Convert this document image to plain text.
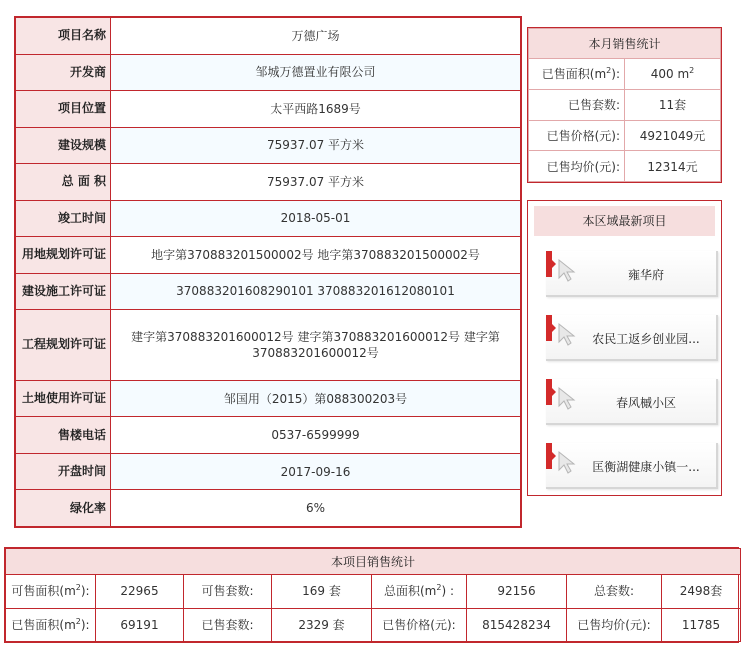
项目名称	万德广场
开发商	邹城万德置业有限公司
项目位置	太平西路1689号
建设规模	75937.07 平方米
总 面 积	75937.07 平方米
竣工时间	2018-05-01
用地规划许可证	地字第370883201500002号 地字第370883201500002号
建设施工许可证	370883201608290101 370883201612080101
工程规划许可证	建字第370883201600012号 建字第370883201600012号 建字第370883201600012号
土地使用许可证	邹国用（2015）第088300203号
售楼电话	0537-6599999
开盘时间	2017-09-16
绿化率	6%
本月销售统计	
已售面积$(m^2)$:	400 $m^2$
已售套数:	11套
已售价格(元):	4921049元
已售均价(元):	12314元
本区域最新项目
雍华府
农民工返乡创业园...
春风槭小区
匡衡湖健康小镇一...
本项目销售统计							
可售面积$(m^2)$:	22965	可售套数:	169 套	总面积$(m^2)$ :	92156	总套数:	2498套
已售面积$(m^2)$:	69191	已售套数:	2329 套	已售价格(元):	815428234	已售均价(元):	11785
